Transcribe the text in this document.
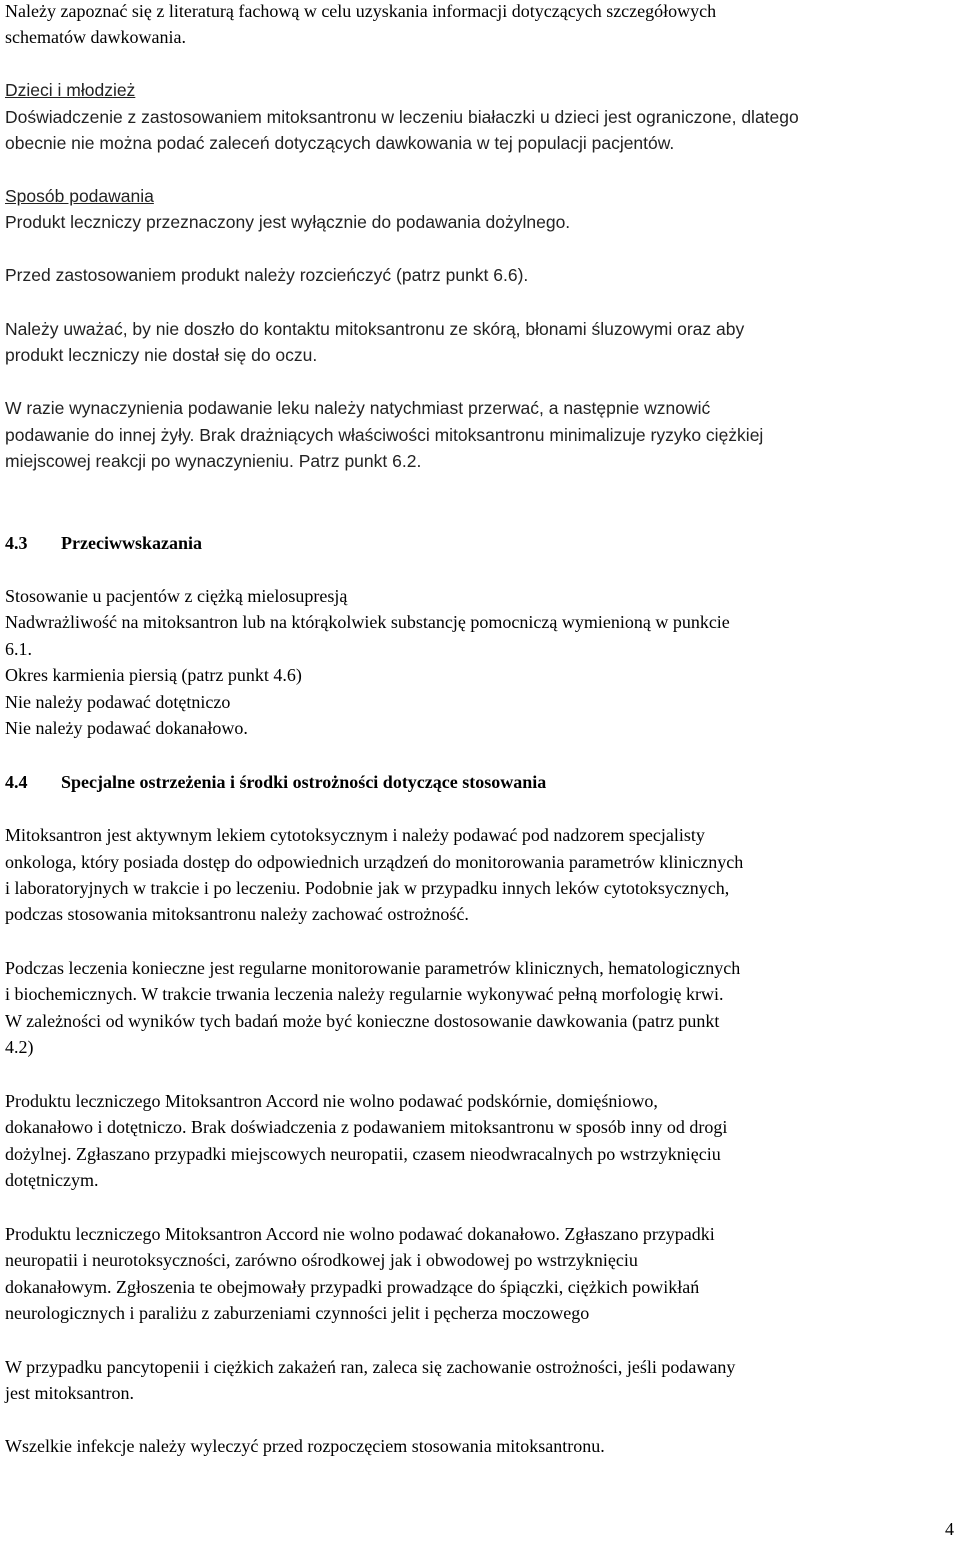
Należy zapoznać się z literaturą fachową w celu uzyskania informacji dotyczących szczegółowych
schematów dawkowania.
Dzieci i młodzież
Doświadczenie z zastosowaniem mitoksantronu w leczeniu białaczki u dzieci jest ograniczone, dlatego
obecnie nie można podać zaleceń dotyczących dawkowania w tej populacji pacjentów.
Sposób podawania
Produkt leczniczy przeznaczony jest wyłącznie do podawania dożylnego.
Przed zastosowaniem produkt należy rozcieńczyć (patrz punkt 6.6).
Należy uważać, by nie doszło do kontaktu mitoksantronu ze skórą, błonami śluzowymi oraz aby
produkt leczniczy nie dostał się do oczu.
W razie wynaczynienia podawanie leku należy natychmiast przerwać, a następnie wznowić
podawanie do innej żyły. Brak drażniących właściwości mitoksantronu minimalizuje ryzyko ciężkiej
miejscowej reakcji po wynaczynieniu. Patrz punkt 6.2.
4.3 Przeciwwskazania
Stosowanie u pacjentów z ciężką mielosupresją
Nadwrażliwość na mitoksantron lub na którąkolwiek substancję pomocniczą wymienioną w punkcie
6.1.
Okres karmienia piersią (patrz punkt 4.6)
Nie należy podawać dotętniczo
Nie należy podawać dokanałowo.
4.4 Specjalne ostrzeżenia i środki ostrożności dotyczące stosowania
Mitoksantron jest aktywnym lekiem cytotoksycznym i należy podawać pod nadzorem specjalisty
onkologa, który posiada dostęp do odpowiednich urządzeń do monitorowania parametrów klinicznych
i laboratoryjnych w trakcie i po leczeniu. Podobnie jak w przypadku innych leków cytotoksycznych,
podczas stosowania mitoksantronu należy zachować ostrożność.
Podczas leczenia konieczne jest regularne monitorowanie parametrów klinicznych, hematologicznych
i biochemicznych. W trakcie trwania leczenia należy regularnie wykonywać pełną morfologię krwi.
W zależności od wyników tych badań może być konieczne dostosowanie dawkowania (patrz punkt
4.2)
Produktu leczniczego Mitoksantron Accord nie wolno podawać podskórnie, domięśniowo,
dokanałowo i dotętniczo. Brak doświadczenia z podawaniem mitoksantronu w sposób inny od drogi
dożylnej. Zgłaszano przypadki miejscowych neuropatii, czasem nieodwracalnych po wstrzyknięciu
dotętniczym.
Produktu leczniczego Mitoksantron Accord nie wolno podawać dokanałowo. Zgłaszano przypadki
neuropatii i neurotoksyczności, zarówno ośrodkowej jak i obwodowej po wstrzyknięciu
dokanałowym. Zgłoszenia te obejmowały przypadki prowadzące do śpiączki, ciężkich powikłań
neurologicznych i paraliżu z zaburzeniami czynności jelit i pęcherza moczowego
W przypadku pancytopenii i ciężkich zakażeń ran, zaleca się zachowanie ostrożności, jeśli podawany
jest mitoksantron.
Wszelkie infekcje należy wyleczyć przed rozpoczęciem stosowania mitoksantronu.
4
